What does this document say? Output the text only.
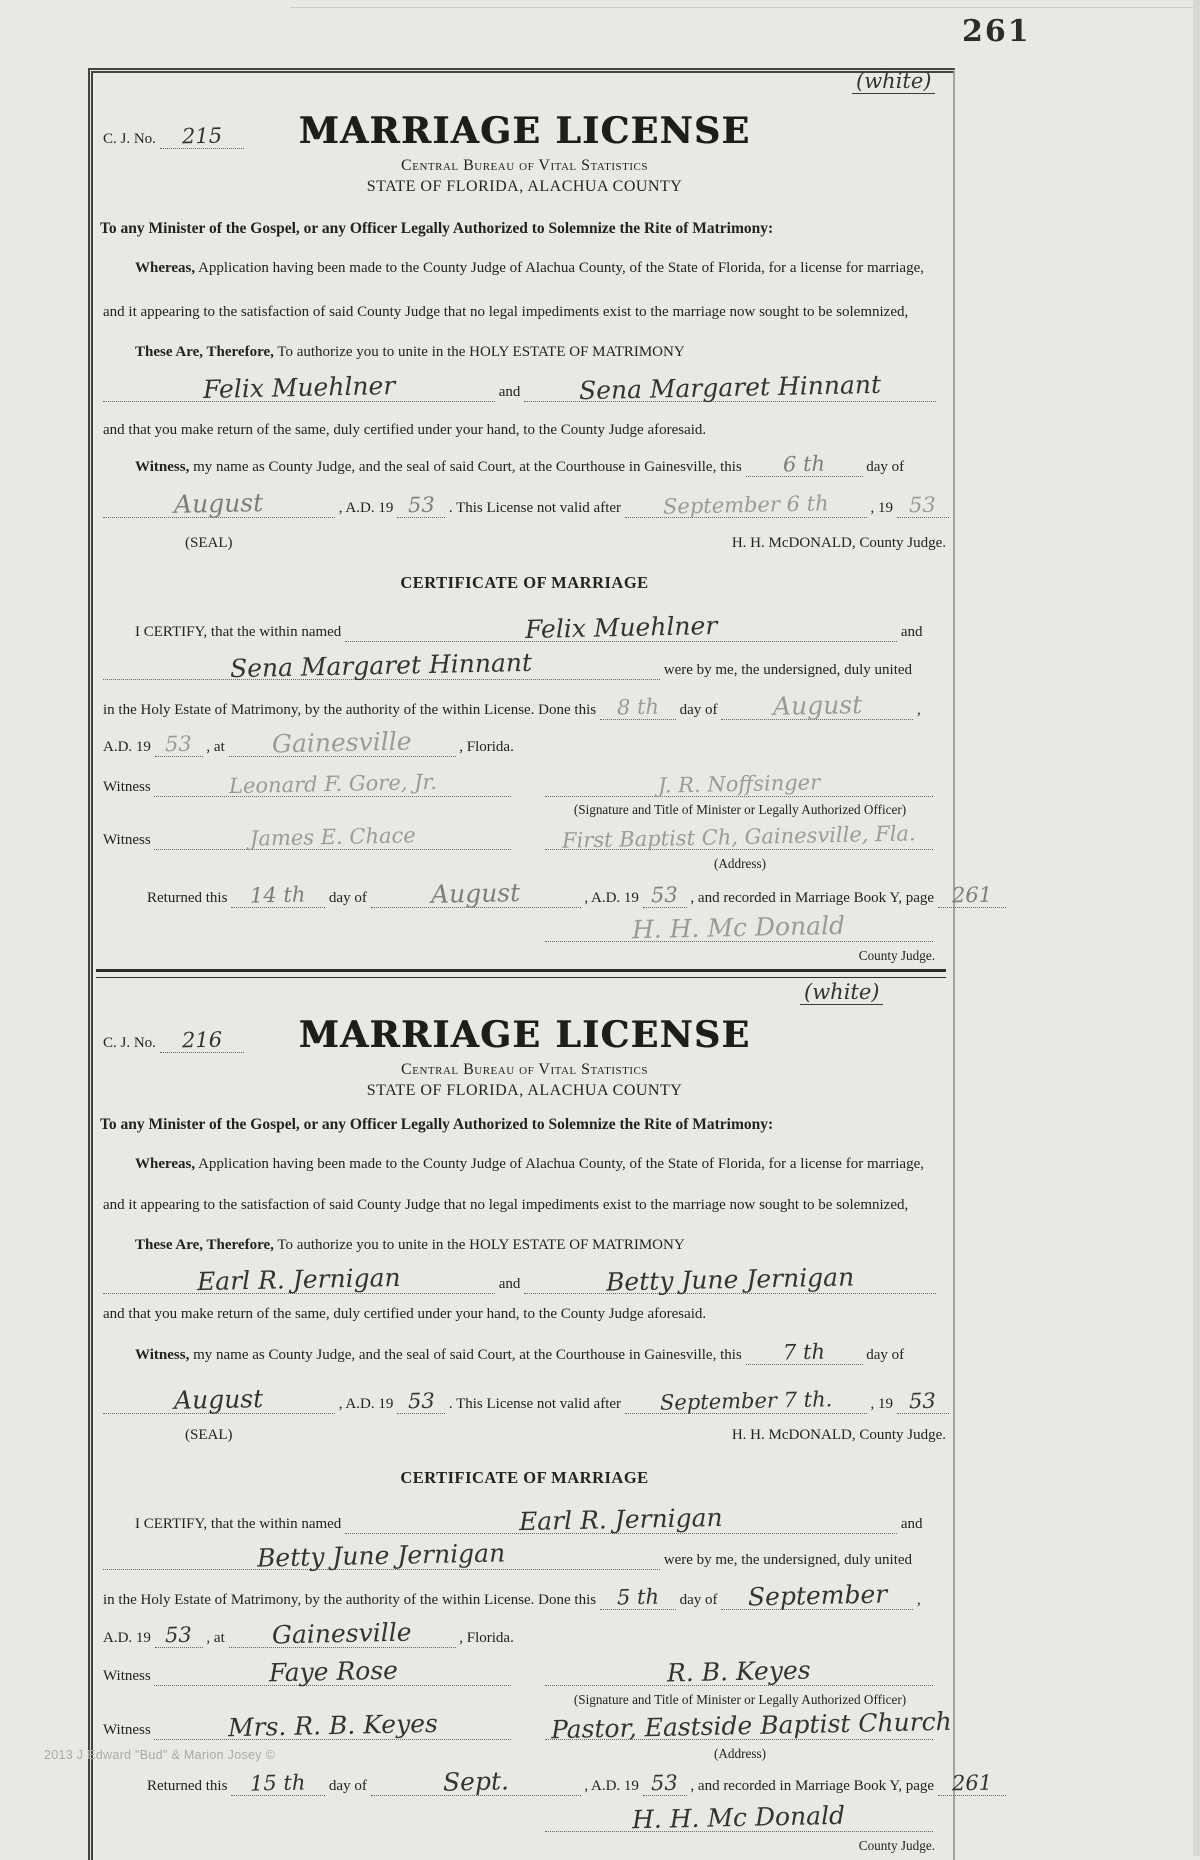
261
(white)
MARRIAGE LICENSE
C. J. No. 215
Central Bureau of Vital Statistics
STATE OF FLORIDA, ALACHUA COUNTY
To any Minister of the Gospel, or any Officer Legally Authorized to Solemnize the Rite of Matrimony:
Whereas, Application having been made to the County Judge of Alachua County, of the State of Florida, for a license for marriage,
and it appearing to the satisfaction of said County Judge that no legal impediments exist to the marriage now sought to be solemnized,
These Are, Therefore, To authorize you to unite in the HOLY ESTATE OF MATRIMONY
Felix Muehlner	and Sena Margaret Hinnant
and that you make return of the same, duly certified under your hand, to the County Judge aforesaid.
Witness, my name as County Judge, and the seal of said Court, at the Courthouse in Gainesville, this 6 th	day of
August	, A.D. 19 53 . This License not valid after September 6 th	, 19 53
(SEAL)	H. H. McDONALD, County Judge.
CERTIFICATE OF MARRIAGE
I CERTIFY, that the within named	Felix Muehlner	and
Sena Margaret Hinnant	were by me, the undersigned, duly united
in the Holy Estate of Matrimony, by the authority of the within License. Done this 8 th day of August	,
A.D. 19 53 , at Gainesville	, Florida.
Witness	Leonard F. Gore, Jr.	J. R. Noffsinger
(Signature and Title of Minister or Legally Authorized Officer)
Witness	James E. Chace	First Baptist Ch, Gainesville, Fla.
(Address)
Returned this 14 th day of	August	, A.D. 19 53 , and recorded in Marriage Book Y, page 261
H. H. Mc Donald
County Judge.
(white)
MARRIAGE LICENSE
C. J. No. 216
Central Bureau of Vital Statistics
STATE OF FLORIDA, ALACHUA COUNTY
To any Minister of the Gospel, or any Officer Legally Authorized to Solemnize the Rite of Matrimony:
Whereas, Application having been made to the County Judge of Alachua County, of the State of Florida, for a license for marriage,
and it appearing to the satisfaction of said County Judge that no legal impediments exist to the marriage now sought to be solemnized,
These Are, Therefore, To authorize you to unite in the HOLY ESTATE OF MATRIMONY
Earl R. Jernigan	and	Betty June Jernigan
and that you make return of the same, duly certified under your hand, to the County Judge aforesaid.
Witness, my name as County Judge, and the seal of said Court, at the Courthouse in Gainesville, this 7 th	day of
August	, A.D. 19 53 . This License not valid after September 7 th.	, 19 53
(SEAL)	H. H. McDONALD, County Judge.
CERTIFICATE OF MARRIAGE
I CERTIFY, that the within named	Earl R. Jernigan	and
Betty June Jernigan	were by me, the undersigned, duly united
in the Holy Estate of Matrimony, by the authority of the within License. Done this 5 th day of September ,
A.D. 19 53 , at Gainesville	, Florida.
Witness	Faye Rose	R. B. Keyes
(Signature and Title of Minister or Legally Authorized Officer)
Witness	Mrs. R. B. Keyes	Pastor, Eastside Baptist Church
(Address)
Returned this 15 th day of	Sept.	, A.D. 19 53 , and recorded in Marriage Book Y, page 261
H. H. Mc Donald
County Judge.
2013 J Edward "Bud" & Marion Josey ©
